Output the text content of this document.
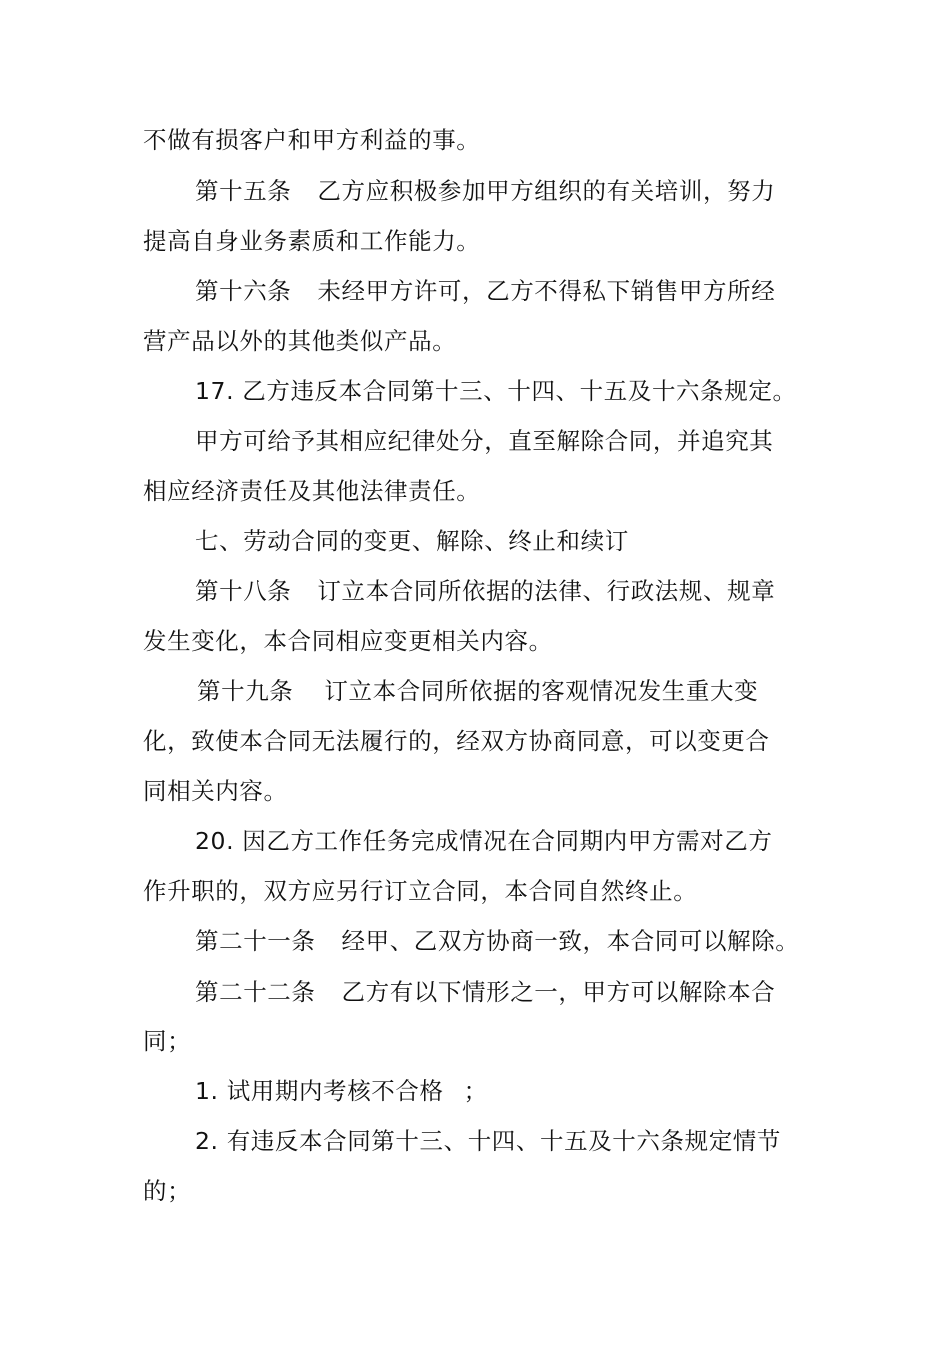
不做有损客户和甲方利益的事。
第十五条 乙方应积极参加甲方组织的有关培训，努力
提高自身业务素质和工作能力。
第十六条 未经甲方许可，乙方不得私下销售甲方所经
营产品以外的其他类似产品。
17. 乙方违反本合同第十三、十四、十五及十六条规定。
甲方可给予其相应纪律处分，直至解除合同，并追究其
相应经济责任及其他法律责任。
七、劳动合同的变更、解除、终止和续订
第十八条 订立本合同所依据的法律、行政法规、规章
发生变化，本合同相应变更相关内容。
第十九条 订立本合同所依据的客观情况发生重大变
化，致使本合同无法履行的，经双方协商同意，可以变更合
同相关内容。
20. 因乙方工作任务完成情况在合同期内甲方需对乙方
作升职的，双方应另行订立合同，本合同自然终止。
第二十一条 经甲、乙双方协商一致，本合同可以解除。
第二十二条 乙方有以下情形之一，甲方可以解除本合
同；
1. 试用期内考核不合格 ；
2. 有违反本合同第十三、十四、十五及十六条规定情节
的；
